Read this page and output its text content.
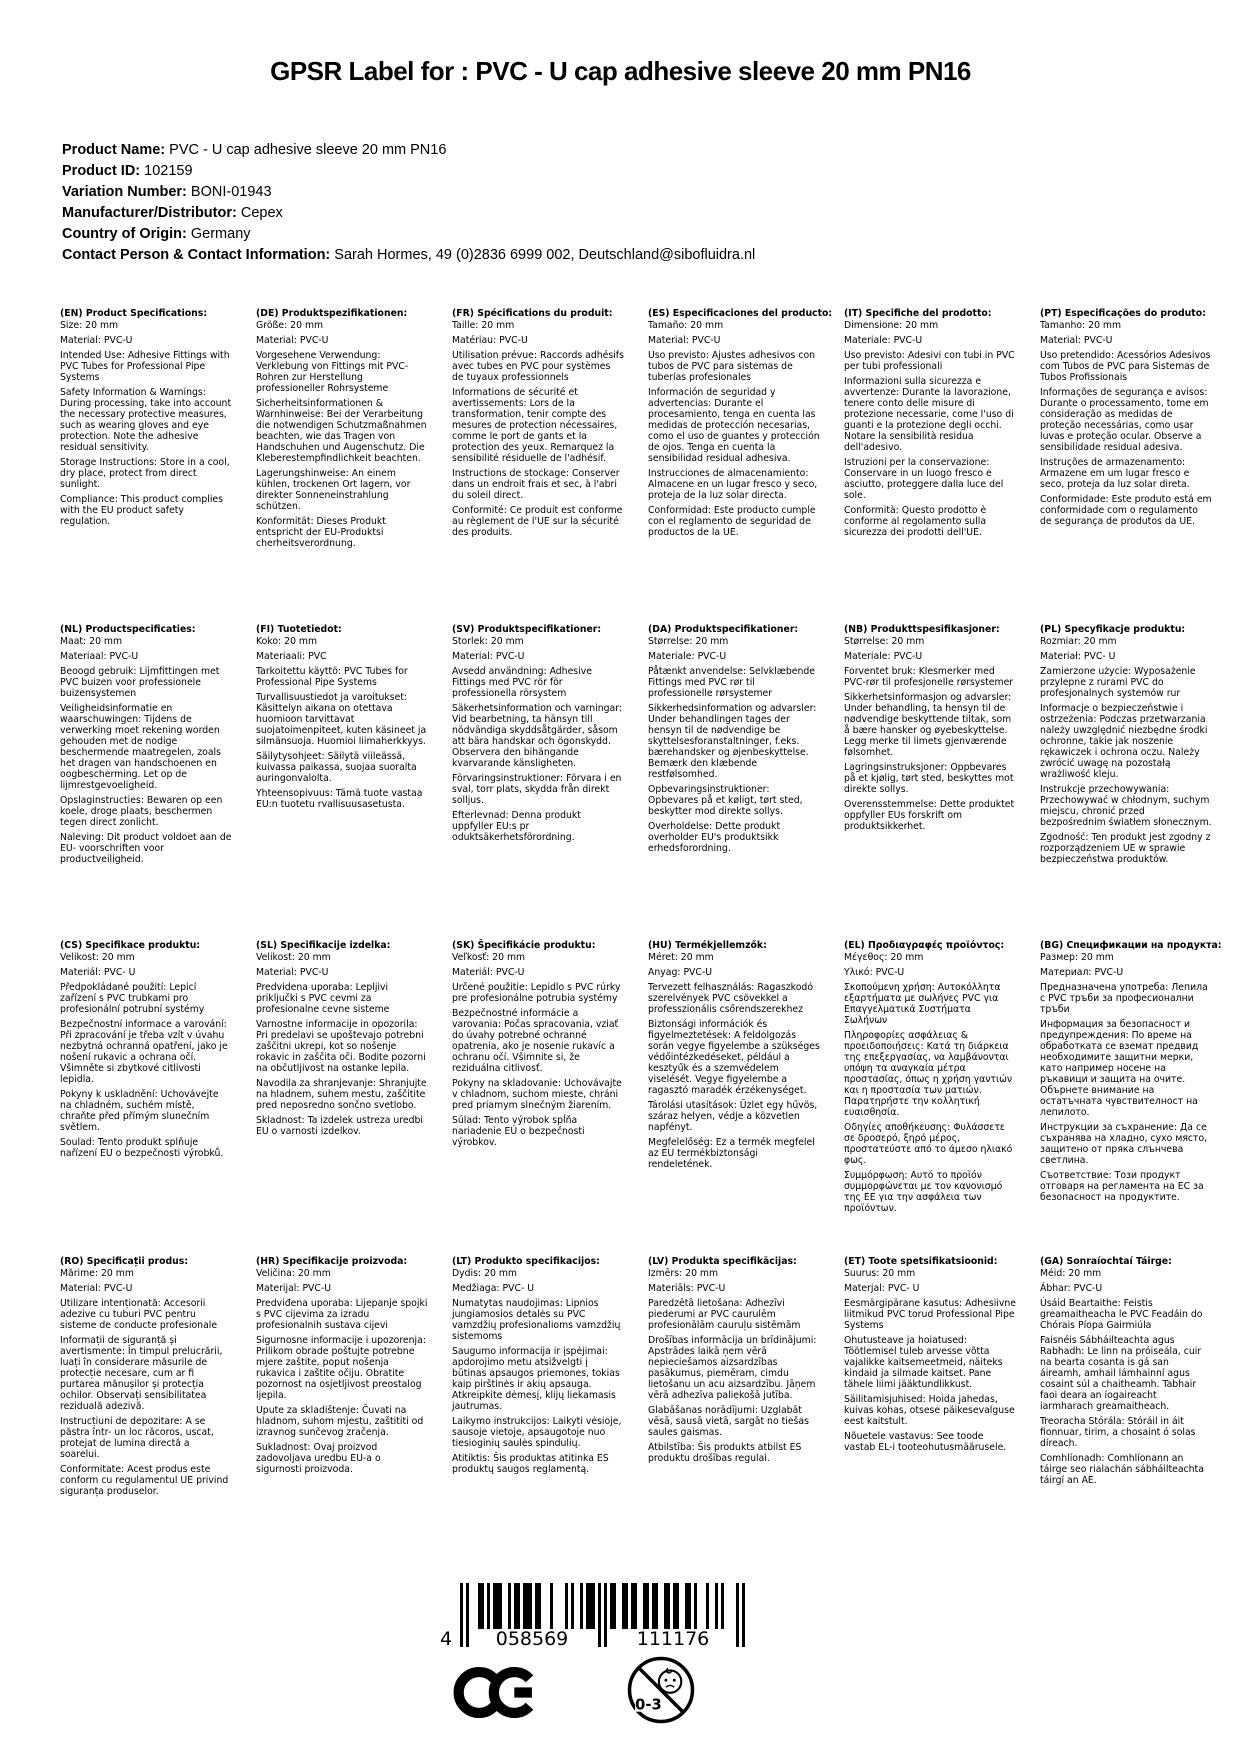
GPSR Label for : PVC - U cap adhesive sleeve 20 mm PN16
Product Name: PVC - U cap adhesive sleeve 20 mm PN16
Product ID: 102159
Variation Number: BONI-01943
Manufacturer/Distributor: Cepex
Country of Origin: Germany
Contact Person & Contact Information: Sarah Hormes, 49 (0)2836 6999 002, Deutschland@sibofluidra.nl
(EN) Product Specifications:
Size: 20 mm
Material: PVC-U
Intended Use: Adhesive Fittings with PVC Tubes for Professional Pipe Systems
Safety Information & Warnings: During processing, take into account the necessary protective measures, such as wearing gloves and eye protection. Note the adhesive residual sensitivity.
Storage Instructions: Store in a cool, dry place, protect from direct sunlight.
Compliance: This product complies with the EU product safety regulation.
(DE) Produktspezifikationen:
Größe: 20 mm
Material: PVC-U
Vorgesehene Verwendung: Verklebung von Fittings mit PVC-Rohren zur Herstellung professioneller Rohrsysteme
Sicherheitsinformationen & Warnhinweise: Bei der Verarbeitung die notwendigen Schutzmaßnahmen beachten, wie das Tragen von Handschuhen und Augenschutz. Die Kleberestempfindlichkeit beachten.
Lagerungshinweise: An einem kühlen, trockenen Ort lagern, vor direkter Sonneneinstrahlung schützen.
Konformität: Dieses Produkt entspricht der EU-Produktsi cherheitsverordnung.
(FR) Spécifications du produit:
Taille: 20 mm
Matériau: PVC-U
Utilisation prévue: Raccords adhésifs avec tubes en PVC pour systèmes de tuyaux professionnels
Informations de sécurité et avertissements: Lors de la transformation, tenir compte des mesures de protection nécessaires, comme le port de gants et la protection des yeux. Remarquez la sensibilité résiduelle de l'adhésif.
Instructions de stockage: Conserver dans un endroit frais et sec, à l'abri du soleil direct.
Conformité: Ce produit est conforme au règlement de l'UE sur la sécurité des produits.
(ES) Especificaciones del producto:
Tamaño: 20 mm
Material: PVC-U
Uso previsto: Ajustes adhesivos con tubos de PVC para sistemas de tuberías profesionales
Información de seguridad y advertencias: Durante el procesamiento, tenga en cuenta las medidas de protección necesarias, como el uso de guantes y protección de ojos. Tenga en cuenta la sensibilidad residual adhesiva.
Instrucciones de almacenamiento: Almacene en un lugar fresco y seco, proteja de la luz solar directa.
Conformidad: Este producto cumple con el reglamento de seguridad de productos de la UE.
(IT) Specifiche del prodotto:
Dimensione: 20 mm
Materiale: PVC-U
Uso previsto: Adesivi con tubi in PVC per tubi professionali
Informazioni sulla sicurezza e avvertenze: Durante la lavorazione, tenere conto delle misure di protezione necessarie, come l'uso di guanti e la protezione degli occhi. Notare la sensibilità residua dell'adesivo.
Istruzioni per la conservazione: Conservare in un luogo fresco e asciutto, proteggere dalla luce del sole.
Conformità: Questo prodotto è conforme al regolamento sulla sicurezza dei prodotti dell'UE.
(PT) Especificações do produto:
Tamanho: 20 mm
Material: PVC-U
Uso pretendido: Acessórios Adesivos com Tubos de PVC para Sistemas de Tubos Profissionais
Informações de segurança e avisos: Durante o processamento, tome em consideração as medidas de proteção necessárias, como usar luvas e proteção ocular. Observe a sensibilidade residual adesiva.
Instruções de armazenamento: Armazene em um lugar fresco e seco, proteja da luz solar direta.
Conformidade: Este produto está em conformidade com o regulamento de segurança de produtos da UE.
(NL) Productspecificaties:
Maat: 20 mm
Materiaal: PVC-U
Beoogd gebruik: Lijmfittingen met PVC buizen voor professionele buizensystemen
Veiligheidsinformatie en waarschuwingen: Tijdens de verwerking moet rekening worden gehouden met de nodige beschermende maatregelen, zoals het dragen van handschoenen en oogbescherming. Let op de lijmrestgevoeligheid.
Opslaginstructies: Bewaren op een koele, droge plaats, beschermen tegen direct zonlicht.
Naleving: Dit product voldoet aan de EU- voorschriften voor productveiligheid.
(FI) Tuotetiedot:
Koko: 20 mm
Materiaali: PVC
Tarkoitettu käyttö: PVC Tubes for Professional Pipe Systems
Turvallisuustiedot ja varoitukset: Käsittelyn aikana on otettava huomioon tarvittavat suojatoimenpiteet, kuten käsineet ja silmänsuoja. Huomioi liimaherkkyys.
Säilytysohjeet: Säilytä viileässä, kuivassa paikassa, suojaa suoralta auringonvalolta.
Yhteensopivuus: Tämä tuote vastaa EU:n tuotetu rvallisuusasetusta.
(SV) Produktspecifikationer:
Storlek: 20 mm
Material: PVC-U
Avsedd användning: Adhesive Fittings med PVC rör för professionella rörsystem
Säkerhetsinformation och varningar: Vid bearbetning, ta hänsyn till nödvändiga skyddsåtgärder, såsom att bära handskar och ögonskydd. Observera den bihängande kvarvarande känsligheten.
Förvaringsinstruktioner: Förvara i en sval, torr plats, skydda från direkt solljus.
Efterlevnad: Denna produkt uppfyller EU:s pr oduktsäkerhetsförordning.
(DA) Produktspecifikationer:
Størrelse: 20 mm
Materiale: PVC-U
Påtænkt anvendelse: Selvklæbende Fittings med PVC rør til professionelle rørsystemer
Sikkerhedsinformation og advarsler: Under behandlingen tages der hensyn til de nødvendige be skyttelsesforanstaltninger, f.eks. bærehandsker og øjenbeskyttelse. Bemærk den klæbende restfølsomhed.
Opbevaringsinstruktioner: Opbevares på et køligt, tørt sted, beskytter mod direkte sollys.
Overholdelse: Dette produkt overholder EU's produktsikk erhedsforordning.
(NB) Produkttspesifikasjoner:
Størrelse: 20 mm
Materiale: PVC-U
Forventet bruk: Klesmerker med PVC-rør til profesjonelle rørsystemer
Sikkerhetsinformasjon og advarsler: Under behandling, ta hensyn til de nødvendige beskyttende tiltak, som å bære hansker og øyebeskyttelse. Legg merke til limets gjenværende følsomhet.
Lagringsinstruksjoner: Oppbevares på et kjølig, tørt sted, beskyttes mot direkte sollys.
Overensstemmelse: Dette produktet oppfyller EUs forskrift om produktsikkerhet.
(PL) Specyfikacje produktu:
Rozmiar: 20 mm
Materiał: PVC- U
Zamierzone użycie: Wyposażenie przylepne z rurami PVC do profesjonalnych systemów rur
Informacje o bezpieczeństwie i ostrzeżenia: Podczas przetwarzania należy uwzględnić niezbędne środki ochronne, takie jak noszenie rękawiczek i ochrona oczu. Należy zwrócić uwagę na pozostałą wrażliwość kleju.
Instrukcje przechowywania: Przechowywać w chłodnym, suchym miejscu, chronić przed bezpośrednim światłem słonecznym.
Zgodność: Ten produkt jest zgodny z rozporządzeniem UE w sprawie bezpieczeństwa produktów.
(CS) Specifikace produktu:
Velikost: 20 mm
Materiál: PVC- U
Předpokládané použití: Lepicí zařízení s PVC trubkami pro profesionální potrubní systémy
Bezpečnostní informace a varování: Při zpracování je třeba vzít v úvahu nezbytná ochranná opatření, jako je nošení rukavic a ochrana očí. Všimněte si zbytkové citlivosti lepidla.
Pokyny k uskladnění: Uchovávejte na chladném, suchém místě, chraňte před přímým slunečním světlem.
Soulad: Tento produkt splňuje nařízení EU o bezpečnosti výrobků.
(SL) Specifikacije izdelka:
Velikost: 20 mm
Material: PVC-U
Predvidena uporaba: Lepljivi priključki s PVC cevmi za profesionalne cevne sisteme
Varnostne informacije in opozorila: Pri predelavi se upoštevajo potrebni zaščitni ukrepi, kot so nošenje rokavic in zaščita oči. Bodite pozorni na občutljivost na ostanke lepila.
Navodila za shranjevanje: Shranjujte na hladnem, suhem mestu, zaščitite pred neposredno sončno svetlobo.
Skladnost: Ta izdelek ustreza uredbi EU o varnosti izdelkov.
(SK) Špecifikácie produktu:
Veľkosť: 20 mm
Materiál: PVC-U
Určené použitie: Lepidlo s PVC rúrky pre profesionálne potrubia systémy
Bezpečnostné informácie a varovania: Počas spracovania, vziať do úvahy potrebné ochranné opatrenia, ako je nosenie rukavíc a ochranu očí. Všimnite si, že reziduálna citlivosť.
Pokyny na skladovanie: Uchovávajte v chladnom, suchom mieste, chráni pred priamym slnečným žiarením.
Súlad: Tento výrobok spĺňa nariadenie EÚ o bezpečnosti výrobkov.
(HU) Termékjellemzők:
Méret: 20 mm
Anyag: PVC-U
Tervezett felhasználás: Ragaszkodó szerelvények PVC csövekkel a professzionális csőrendszerekhez
Biztonsági információk és figyelmeztetések: A feldolgozás során vegye figyelembe a szükséges védőintézkedéseket, például a kesztyűk és a szemvédelem viselését. Vegye figyelembe a ragasztó maradék érzékenységet.
Tárolási utasítások: Üzlet egy hűvös, száraz helyen, védje a közvetlen napfényt.
Megfelelőség: Ez a termék megfelel az EU termékbiztonsági rendeletének.
(EL) Προδιαγραφές προϊόντος:
Μέγεθος: 20 mm
Υλικό: PVC-U
Σκοπούμενη χρήση: Αυτοκόλλητα εξαρτήματα με σωλήνες PVC για Επαγγελματικά Συστήματα Σωλήνων
Πληροφορίες ασφάλειας & προειδοποιήσεις: Κατά τη διάρκεια της επεξεργασίας, να λαμβάνονται υπόψη τα αναγκαία μέτρα προστασίας, όπως η χρήση γαντιών και η προστασία των ματιών. Παρατηρήστε την κολλητική ευαισθησία.
Οδηγίες αποθήκευσης: Φυλάσσετε σε δροσερό, ξηρό μέρος, προστατεύστε από το άμεσο ηλιακό φως.
Συμμόρφωση: Αυτό το προϊόν συμμορφώνεται με τον κανονισμό της ΕΕ για την ασφάλεια των προϊόντων.
(BG) Спецификации на продукта:
Размер: 20 mm
Материал: PVC-U
Предназначена употреба: Лепила с PVC тръби за професионални тръби
Информация за безопасност и предупреждения: По време на обработката се вземат предвид необходимите защитни мерки, като например носене на ръкавици и защита на очите. Обърнете внимание на остатъчната чувствителност на лепилото.
Инструкции за съхранение: Да се съхранява на хладно, сухо място, защитено от пряка слънчева светлина.
Съответствие: Този продукт отговаря на регламента на ЕС за безопасност на продуктите.
(RO) Specificații produs:
Mărime: 20 mm
Material: PVC-U
Utilizare intenționată: Accesorii adezive cu tuburi PVC pentru sisteme de conducte profesionale
Informații de siguranță și avertismente: În timpul prelucrării, luați în considerare măsurile de protecție necesare, cum ar fi purtarea mănușilor și protecția ochilor. Observați sensibilitatea reziduală adezivă.
Instrucțiuni de depozitare: A se păstra într- un loc răcoros, uscat, protejat de lumina directă a soarelui.
Conformitate: Acest produs este conform cu regulamentul UE privind siguranța produselor.
(HR) Specifikacije proizvoda:
Veličina: 20 mm
Materijal: PVC-U
Predviđena uporaba: Lijepanje spojki s PVC cijevima za izradu profesionalnih sustava cijevi
Sigurnosne informacije i upozorenja: Prilikom obrade poštujte potrebne mjere zaštite, poput nošenja rukavica i zaštite očiju. Obratite pozornost na osjetljivost preostalog ljepila.
Upute za skladištenje: Čuvati na hladnom, suhom mjestu, zaštititi od izravnog sunčevog zračenja.
Sukladnost: Ovaj proizvod zadovoljava uredbu EU-a o sigurnosti proizvoda.
(LT) Produkto specifikacijos:
Dydis: 20 mm
Medžiaga: PVC- U
Numatytas naudojimas: Lipnios jungiamosios detalės su PVC vamzdžių profesionalioms vamzdžių sistemoms
Saugumo informacija ir įspėjimai: apdorojimo metu atsižvelgti į būtinas apsaugos priemones, tokias kaip pirštinės ir akių apsauga. Atkreipkite dėmesį, klijų liekamasis jautrumas.
Laikymo instrukcijos: Laikyti vėsioje, sausoje vietoje, apsaugotoje nuo tiesioginių saulės spindulių.
Atitiktis: Šis produktas atitinka ES produktų saugos reglamentą.
(LV) Produkta specifikācijas:
Izmērs: 20 mm
Materiāls: PVC-U
Paredzētā lietošana: Adhezīvi piederumi ar PVC caurulēm profesionālām cauruļu sistēmām
Drošības informācija un brīdinājumi: Apstrādes laikā ņem vērā nepieciešamos aizsardzības pasākumus, piemēram, cimdu lietošanu un acu aizsardzību. Jāņem vērā adhezīva paliekošā jutība.
Glabāšanas norādījumi: Uzglabāt vēsā, sausā vietā, sargāt no tiešas saules gaismas.
Atbilstība: Šis produkts atbilst ES produktu drošības regulai.
(ET) Toote spetsifikatsioonid:
Suurus: 20 mm
Materjal: PVC- U
Eesmärgipärane kasutus: Adhesiivne liitmikud PVC torud Professional Pipe Systems
Ohutusteave ja hoiatused: Töötlemisel tuleb arvesse võtta vajalikke kaitsemeetmeid, näiteks kindaid ja silmade kaitset. Pane tähele liimi jääktundlikkust.
Säilitamisjuhised: Hoida jahedas, kuivas kohas, otsese päikesevalguse eest kaitstult.
Nõuetele vastavus: See toode vastab EL-i tooteohutusmäärusele.
(GA) Sonraíochtaí Táirge:
Méid: 20 mm
Ábhar: PVC-U
Úsáid Beartaithe: Feistis greamaitheacha le PVC Feadáin do Chórais Píopa Gairmiúla
Faisnéis Sábháilteachta agus Rabhadh: Le linn na próiseála, cuir na bearta cosanta is gá san áireamh, amhail lámhainní agus cosaint súl a chaitheamh. Tabhair faoi deara an íogaireacht iarmharach greamaitheach.
Treoracha Stórála: Stóráil in áit fionnuar, tirim, a chosaint ó solas díreach.
Comhlíonadh: Comhlíonann an táirge seo rialachán sábháilteachta táirgí an AE.
4 058569	111176
0-3
